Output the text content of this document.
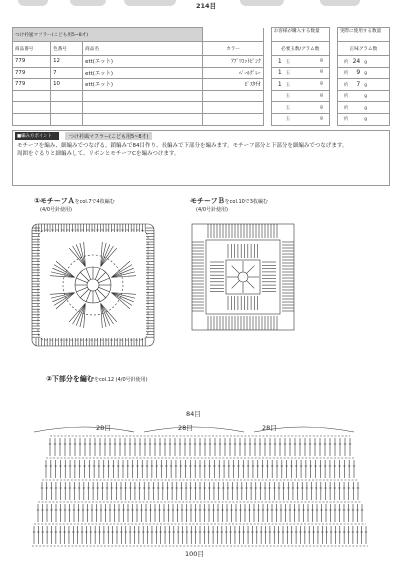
214目
つけ衿風マフラー(こども用5~8才)					お客様が購入する数量		実際に使用する数量
商品番号	色番号	商品名	カラー		必要玉数/グラム数		正味グラム数
779	12	ett(エット)	ｱﾌﾟﾘｺｯﾄﾋﾟﾝｸ		1 玉 g		約 24 g
779	7	ett(エット)	ﾍﾟｰﾙｸﾞﾚｰ		1 玉 g		約 9 g
779	10	ett(エット)	ﾋﾟｽﾀﾁｵ		1 玉 g		約 7 g
					玉 g		約 g
					玉 g		約 g
					玉 g		約 g
■編み方ポイント	つけ衿風マフラー(こども用5~8才)
モチーフを編み、細編みでつなげる。鎖編みで84目作り、長編みで下部分を編みます。モチーフ部分と下部分を細編みでつなげます。
周囲をぐるりと細編みして、リボンとモチーフCを編みつけます。
①モチーフＡをcol.7で4枚編む
(4/0号針使用)
モチーフＢをcol.10で3枚編む
(4/0号針使用)
②下部分を編むをcol.12 (4/0号針使用)
84目
28目	28目	28目
100目
